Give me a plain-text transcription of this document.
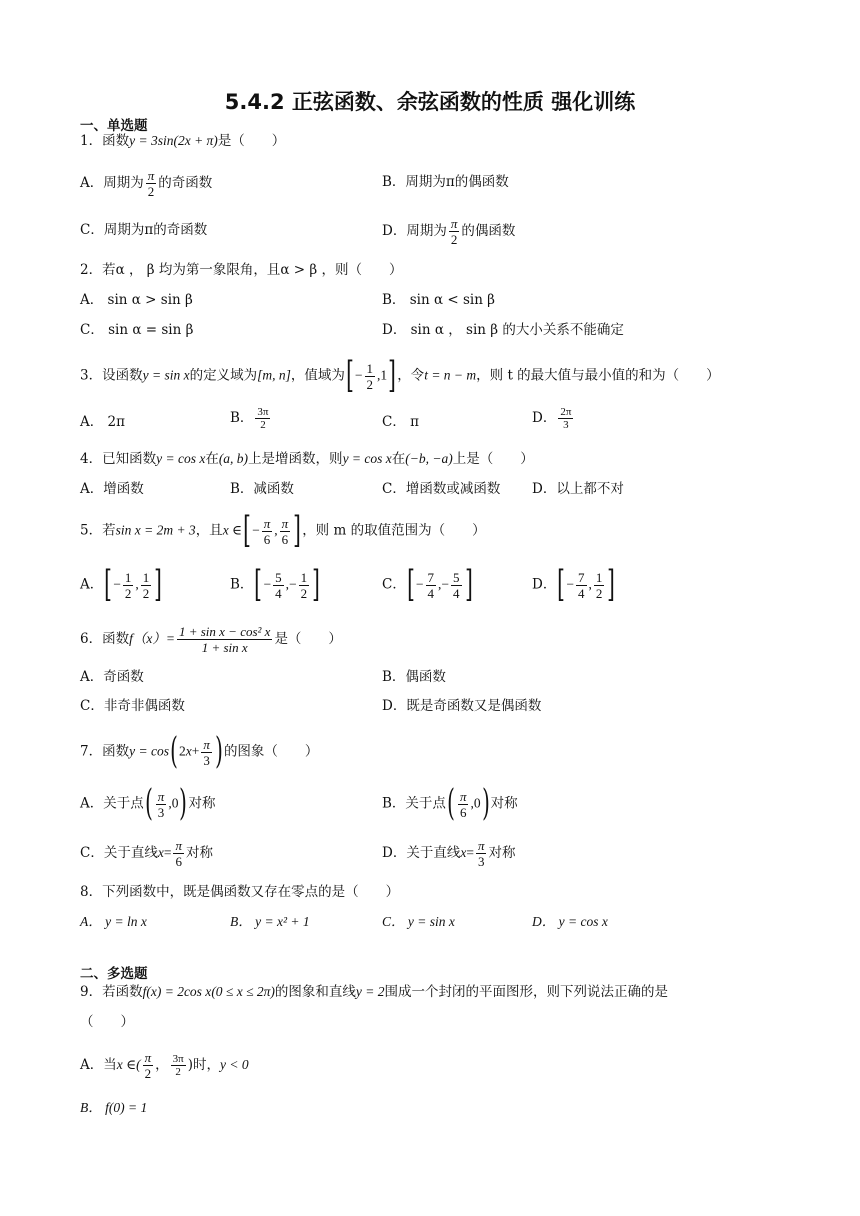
5.4.2 正弦函数、余弦函数的性质 强化训练
一、单选题
1．函数y = 3sin(2x + π)是（　　）
A．周期为 $\frac{\pi}{2}$ 的奇函数	B．周期为π的偶函数
C．周期为π的奇函数	D．周期为 $\frac{\pi}{2}$ 的偶函数
2．若α ， β 均为第一象限角，且α > β ，则（　　）
A． sin α > sin β	B． sin α < sin β
C． sin α = sin β	D． sin α ， sin β 的大小关系不能确定
3．设函数y = sin x的定义域为[m, n]，值域为[− $\frac{1}{2} ,1$]，令t = n − m，则 t 的最大值与最小值的和为（　　）
A． 2π	B． $\frac{3\pi}{2}$	C． π	D． $\frac{2\pi}{3}$
4．已知函数y = cos x在(a, b)上是增函数，则y = cos x在(−b, −a)上是（　　）
A．增函数	B．减函数	C．增函数或减函数 D．以上都不对
5．若sin x = 2m + 3，且x ∈[− $\frac{\pi}{6}$ , $\frac{\pi}{6}$ ]，则 m 的取值范围为（　　）
A．[− $\frac{1}{2}$ , $\frac{1}{2}$ ]	B．[− $\frac{5}{4}$ ,− $\frac{1}{2}$ ]	C．[− $\frac{7}{4}$ ,− $\frac{5}{4}$ ]	D．[− $\frac{7}{4}$ , $\frac{1}{2}$ ]
6．函数$f(x)= \frac{\text{1 + sin x − cos² x}}{\text{1 + sin x}}$ 是（　　）
A．奇函数	B．偶函数
C．非奇非偶函数	D．既是奇函数又是偶函数
7．函数$y = \cos(2x+ \frac{\pi}{3}$ )的图象（　　）
A．关于点( $\frac{\pi}{3} ,0$)对称	B．关于点( $\frac{\pi}{6} ,0$)对称
C．关于直线$x= \frac{\pi}{6}$ 对称	D．关于直线$x= \frac{\pi}{3}$ 对称
8．下列函数中，既是偶函数又存在零点的是（　　）
A． y = ln x	B． y = x² + 1	C． y = sin x	D． y = cos x
二、多选题
9．若函数f(x) = 2cos x(0 ≤ x ≤ 2π)的图象和直线y = 2围成一个封闭的平面图形，则下列说法正确的是
（　　）
A．当x ∈( $\frac{\pi}{2}$ ， $\frac{3\pi}{2}$ )时，y < 0
B． f(0) = 1
